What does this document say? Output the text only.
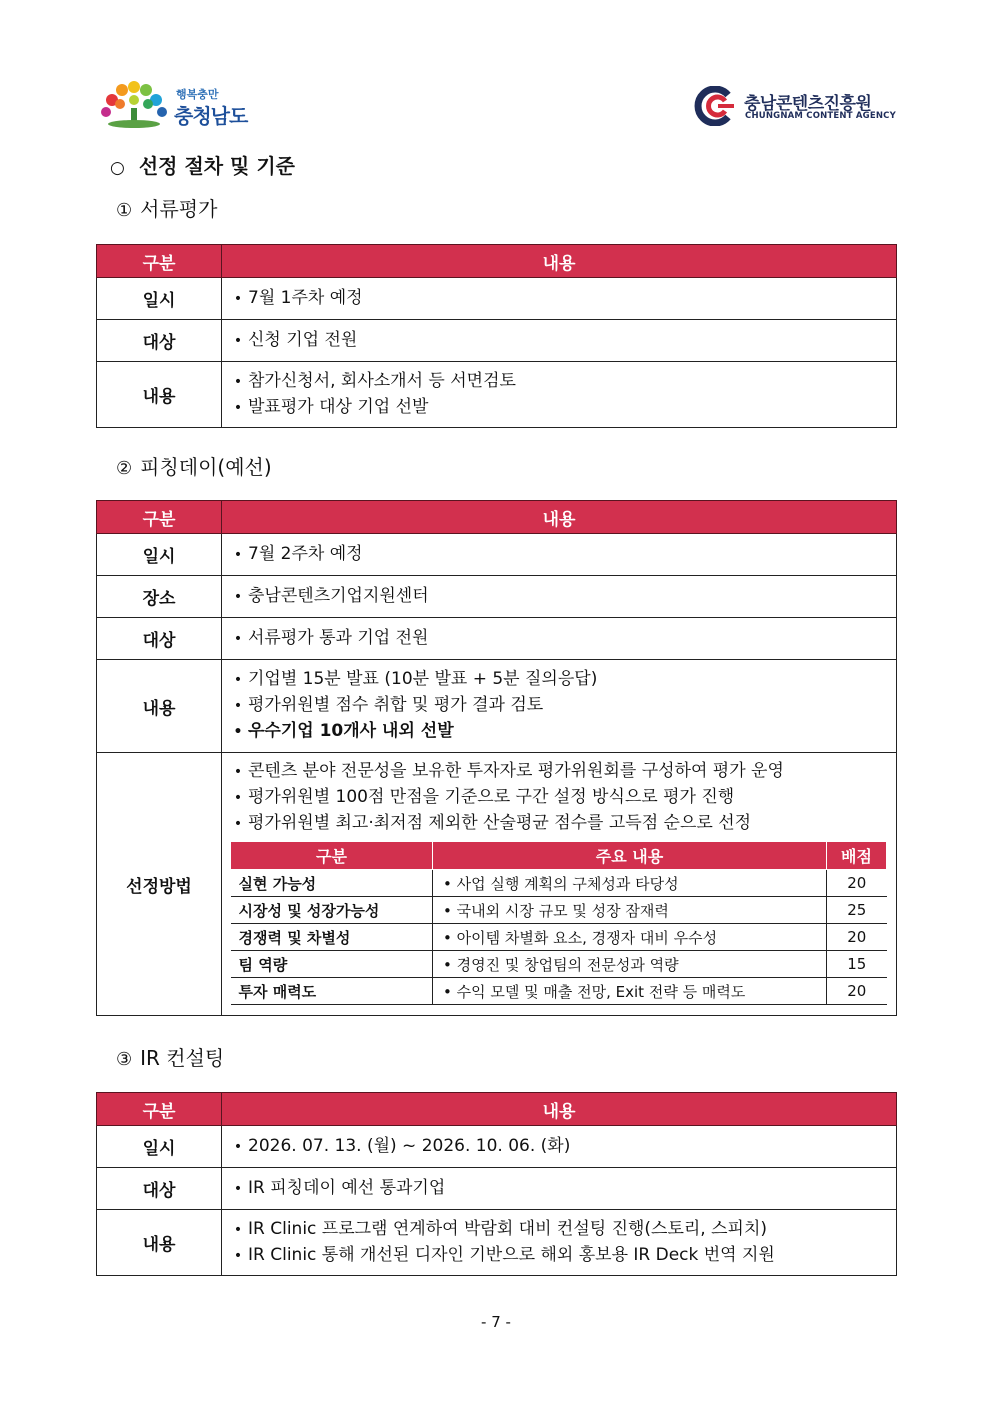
행복충만
충청남도	충남콘텐츠진흥원
CHUNGNAM CONTENT AGENCY
○ 선정 절차 및 기준
① 서류평가
구분	내용
일시	• 7월 1주차 예정

대상	• 신청 기업 전원

내용	• 참가신청서, 회사소개서 등 서면검토
• 발표평가 대상 기업 선발
② 피칭데이(예선)
구분	내용
일시	• 7월 2주차 예정

장소	• 충남콘텐츠기업지원센터

대상	• 서류평가 통과 기업 전원

내용	
• 기업별 15분 발표 (10분 발표 + 5분 질의응답)
• 평가위원별 점수 취합 및 평가 결과 검토
• 우수기업 10개사 내외 선발

선정방법	
• 콘텐츠 분야 전문성을 보유한 투자자로 평가위원회를 구성하여 평가 운영
• 평가위원별 100점 만점을 기준으로 구간 설정 방식으로 평가 진행
• 평가위원별 최고·최저점 제외한 산술평균 점수를 고득점 순으로 선정
구분	주요 내용	배점
실현 가능성	• 사업 실행 계획의 구체성과 타당성	20
시장성 및 성장가능성	• 국내외 시장 규모 및 성장 잠재력	25
경쟁력 및 차별성	• 아이템 차별화 요소, 경쟁자 대비 우수성	20
팀 역량	• 경영진 및 창업팀의 전문성과 역량	15
투자 매력도	• 수익 모델 및 매출 전망, Exit 전략 등 매력도	20
③ IR 컨설팅
구분	내용
일시	• 2026. 07. 13. (월) ~ 2026. 10. 06. (화)

대상	• IR 피칭데이 예선 통과기업

내용	• IR Clinic 프로그램 연계하여 박람회 대비 컨설팅 진행(스토리, 스피치)
• IR Clinic 통해 개선된 디자인 기반으로 해외 홍보용 IR Deck 번역 지원
- 7 -
